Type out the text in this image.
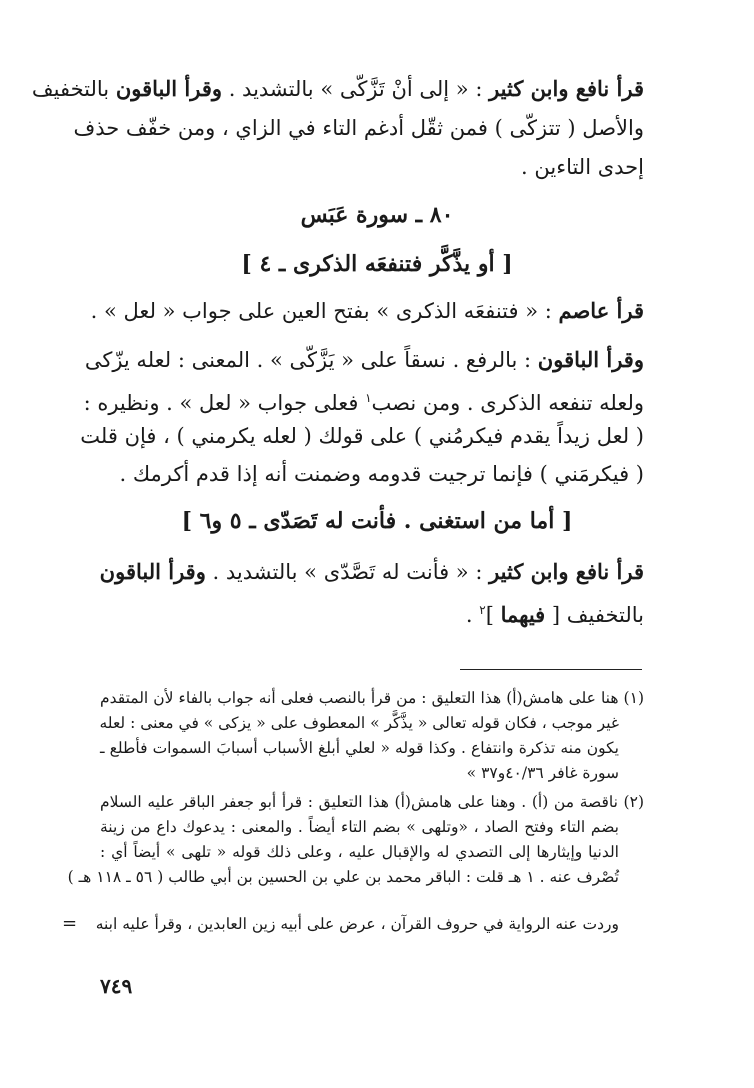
قرأ نافع وابن كثير : « إلى أنْ تَزَّكّى » بالتشديد . وقرأ الباقون بالتخفيف
والأصل ( تتزكّى ) فمن ثقّل أدغم التاء في الزاي ، ومن خفّف حذف
إحدى التاءين .
٨٠ ـ سورة عَبَس
[ أو يذَّكَّر فتنفعَه الذكرى ـ ٤ ]
قرأ عاصم : « فتنفعَه الذكرى » بفتح العين على جواب « لعل » .
وقرأ الباقون : بالرفع . نسقاً على « يَزَّكّى » . المعنى : لعله يزّكى
ولعله تنفعه الذكرى . ومن نصب$^١$ فعلى جواب « لعل » . ونظيره :
( لعل زيداً يقدم فيكرمُني ) على قولك ( لعله يكرمني ) ، فإن قلت
( فيكرمَني ) فإنما ترجيت قدومه وضمنت أنه إذا قدم أكرمك .
[ أما من استغنى . فأنت له تَصَدّى ـ ٥ و٦ ]
قرأ نافع وابن كثير : « فأنت له تَصَّدّى » بالتشديد . وقرأ الباقون
بالتخفيف [ فيهما ]$^٢$ .
(١) هنا على هامش(أ) هذا التعليق : من قرأ بالنصب فعلى أنه جواب بالفاء لأن المتقدم
غير موجب ، فكان قوله تعالى « يذَّكَّر » المعطوف على « يزكى » في معنى : لعله
يكون منه تذكرة وانتفاع . وكذا قوله « لعلي أبلغ الأسباب أسبابَ السموات فأطلع ـ
سورة غافر ٤٠/٣٦و٣٧ »
(٢) ناقصة من (أ) . وهنا على هامش(أ) هذا التعليق : قرأ أبو جعفر الباقر عليه السلام
بضم التاء وفتح الصاد ، «وتلهى » بضم التاء أيضاً . والمعنى : يدعوك داع من زينة
الدنيا وإيثارها إلى التصدي له والإقبال عليه ، وعلى ذلك قوله « تلهى » أيضاً أي :
تُصْرف عنه . ١ هـ قلت : الباقر محمد بن علي بن الحسين بن أبي طالب ( ٥٦ ـ ١١٨ هـ )
وردت عنه الرواية في حروف القرآن ، عرض على أبيه زين العابدين ، وقرأ عليه ابنه
=
٧٤٩
